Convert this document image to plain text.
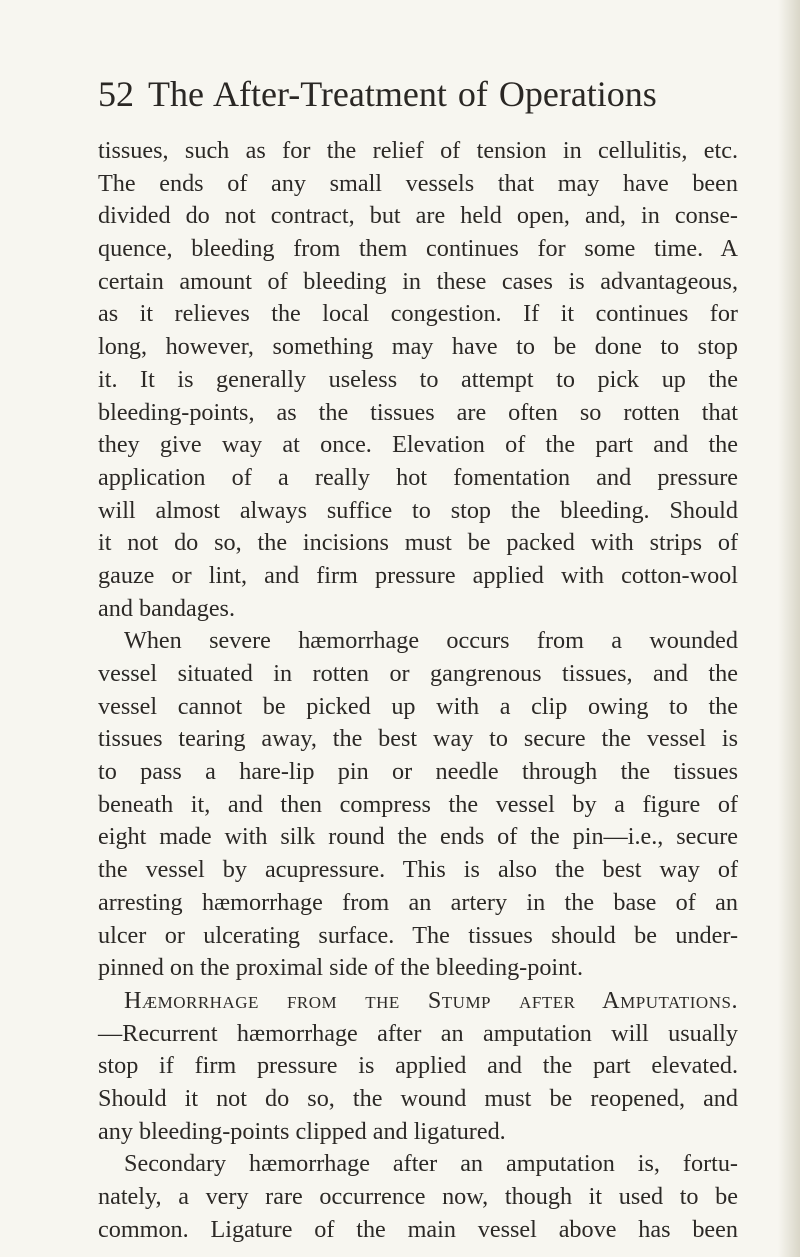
52 The After-Treatment of Operations
tissues, such as for the relief of tension in cellulitis, etc.
The ends of any small vessels that may have been
divided do not contract, but are held open, and, in conse-
quence, bleeding from them continues for some time. A
certain amount of bleeding in these cases is advantageous,
as it relieves the local congestion. If it continues for
long, however, something may have to be done to stop
it. It is generally useless to attempt to pick up the
bleeding-points, as the tissues are often so rotten that
they give way at once. Elevation of the part and the
application of a really hot fomentation and pressure
will almost always suffice to stop the bleeding. Should
it not do so, the incisions must be packed with strips of
gauze or lint, and firm pressure applied with cotton-wool
and bandages.
When severe hæmorrhage occurs from a wounded
vessel situated in rotten or gangrenous tissues, and the
vessel cannot be picked up with a clip owing to the
tissues tearing away, the best way to secure the vessel is
to pass a hare-lip pin or needle through the tissues
beneath it, and then compress the vessel by a figure of
eight made with silk round the ends of the pin—i.e., secure
the vessel by acupressure. This is also the best way of
arresting hæmorrhage from an artery in the base of an
ulcer or ulcerating surface. The tissues should be under-
pinned on the proximal side of the bleeding-point.
Hæmorrhage from the Stump after Amputations.
—Recurrent hæmorrhage after an amputation will usually
stop if firm pressure is applied and the part elevated.
Should it not do so, the wound must be reopened, and
any bleeding-points clipped and ligatured.
Secondary hæmorrhage after an amputation is, fortu-
nately, a very rare occurrence now, though it used to be
common. Ligature of the main vessel above has been
